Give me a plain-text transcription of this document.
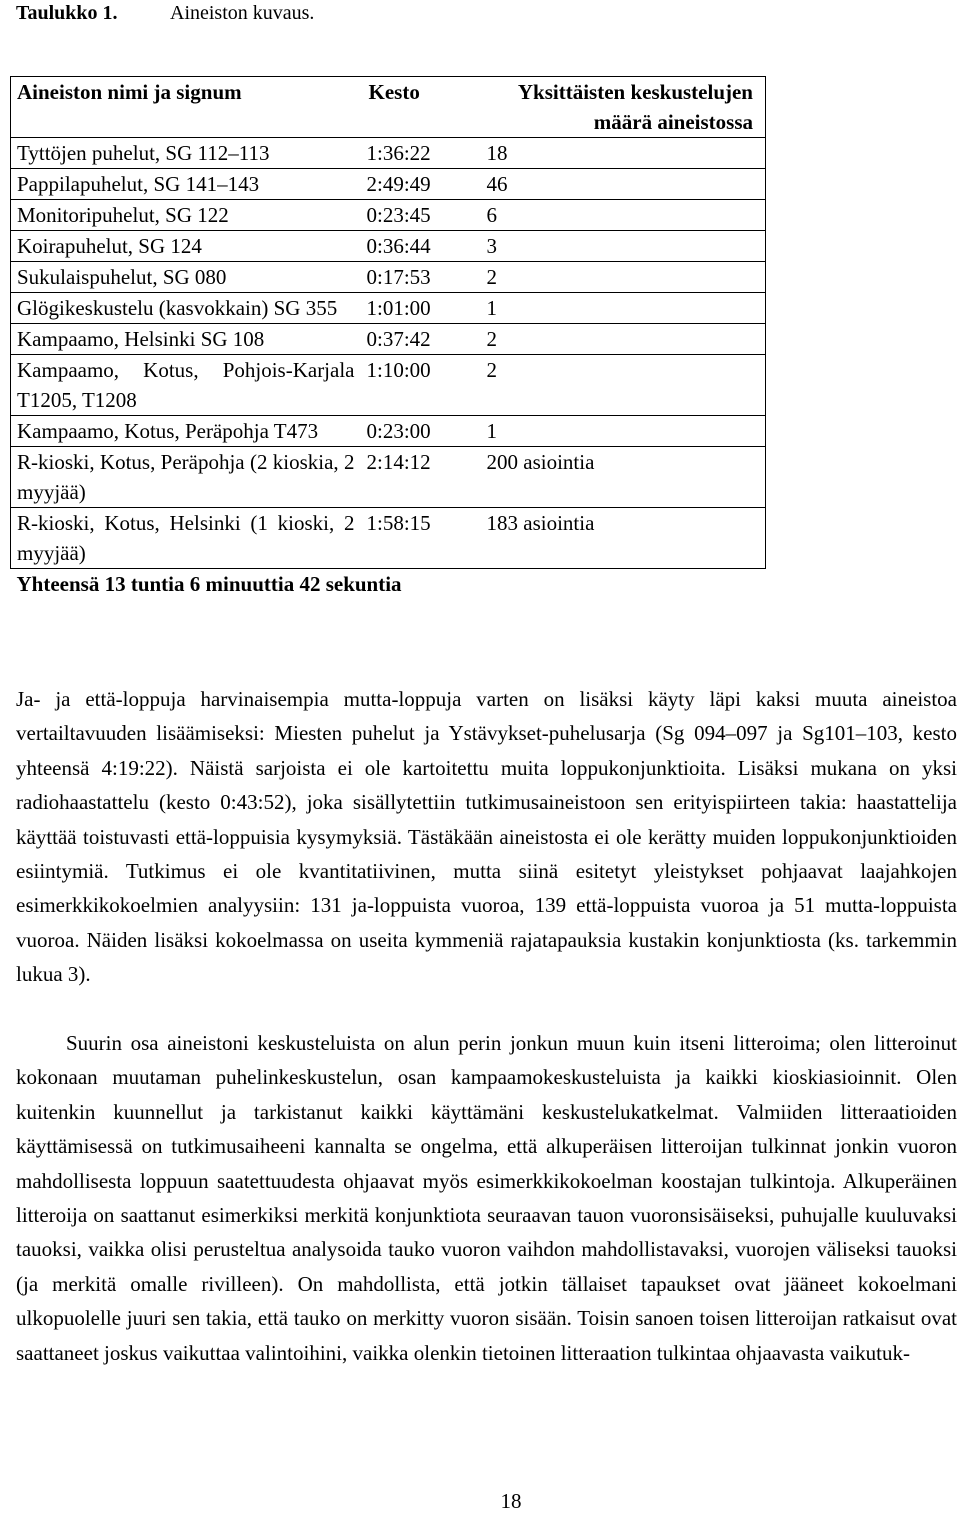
Taulukko 1.	Aineiston kuvaus.
Aineiston nimi ja signum	Kesto	Yksittäisten keskustelujen määrä aineistossa
Tyttöjen puhelut, SG 112–113	1:36:22	18
Pappilapuhelut, SG 141–143	2:49:49	46
Monitoripuhelut, SG 122	0:23:45	6
Koirapuhelut, SG 124	0:36:44	3
Sukulaispuhelut, SG 080	0:17:53	2
Glögikeskustelu (kasvokkain) SG 355	1:01:00	1
Kampaamo, Helsinki SG 108	0:37:42	2
Kampaamo, Kotus, Pohjois-Karjala T1205, T1208	1:10:00	2
Kampaamo, Kotus, Peräpohja T473	0:23:00	1
R-kioski, Kotus, Peräpohja (2 kioskia, 2 myyjää)	2:14:12	200 asiointia
R-kioski, Kotus, Helsinki (1 kioski, 2 myyjää)	1:58:15	183 asiointia
Yhteensä 13 tuntia 6 minuuttia 42 sekuntia		

Ja- ja että-loppuja harvinaisempia mutta-loppuja varten on lisäksi käyty läpi kaksi muuta aineistoa vertailtavuuden lisäämiseksi: Miesten puhelut ja Ystävykset-puhelusarja (Sg 094–097 ja Sg101–103, kesto yhteensä 4:19:22). Näistä sarjoista ei ole kartoitettu muita loppukonjunktioita. Lisäksi mukana on yksi radiohaastattelu (kesto 0:43:52), joka sisällytettiin tutkimusaineistoon sen erityispiirteen takia: haastattelija käyttää toistuvasti että-loppuisia kysymyksiä. Tästäkään aineistosta ei ole kerätty muiden loppukonjunktioiden esiintymiä. Tutkimus ei ole kvantitatiivinen, mutta siinä esitetyt yleistykset pohjaavat laajahkojen esimerkkikokoelmien analyysiin: 131 ja-loppuista vuoroa, 139 että-loppuista vuoroa ja 51 mutta-loppuista vuoroa. Näiden lisäksi kokoelmassa on useita kymmeniä rajatapauksia kustakin konjunktiosta (ks. tarkemmin lukua 3).

Suurin osa aineistoni keskusteluista on alun perin jonkun muun kuin itseni litteroima; olen litteroinut kokonaan muutaman puhelinkeskustelun, osan kampaamokeskusteluista ja kaikki kioskiasioinnit. Olen kuitenkin kuunnellut ja tarkistanut kaikki käyttämäni keskustelukatkelmat. Valmiiden litteraatioiden käyttämisessä on tutkimusaiheeni kannalta se ongelma, että alkuperäisen litteroijan tulkinnat jonkin vuoron mahdollisesta loppuun saatettuudesta ohjaavat myös esimerkkikokoelman koostajan tulkintoja. Alkuperäinen litteroija on saattanut esimerkiksi merkitä konjunktiota seuraavan tauon vuoronsisäiseksi, puhujalle kuuluvaksi tauoksi, vaikka olisi perusteltua analysoida tauko vuoron vaihdon mahdollistavaksi, vuorojen väliseksi tauoksi (ja merkitä omalle rivilleen). On mahdollista, että jotkin tällaiset tapaukset ovat jääneet kokoelmani ulkopuolelle juuri sen takia, että tauko on merkitty vuoron sisään. Toisin sanoen toisen litteroijan ratkaisut ovat saattaneet joskus vaikuttaa valintoihini, vaikka olenkin tietoinen litteraation tulkintaa ohjaavasta vaikutuk-

18
